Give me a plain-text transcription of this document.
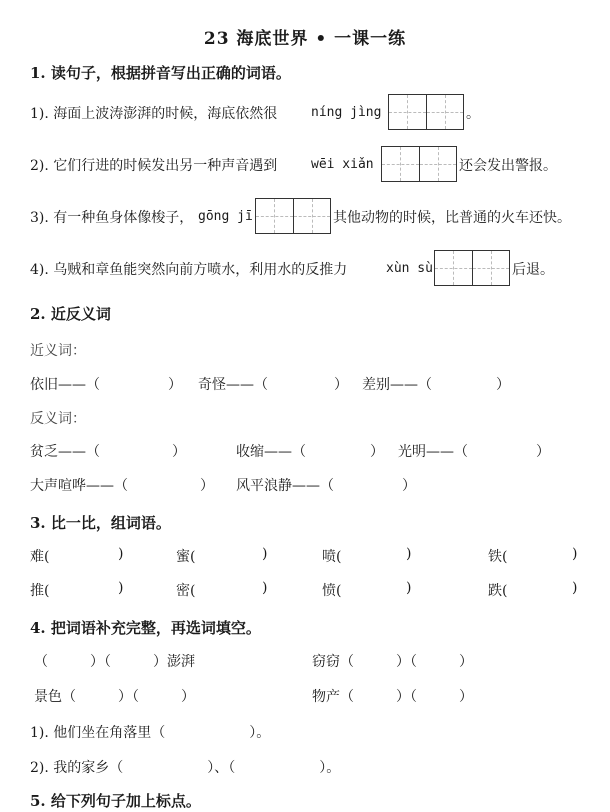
23 海底世界 • 一课一练
1. 读句子，根据拼音写出正确的词语。
1). 海面上波涛澎湃的时候，海底依然很	níng jìng	。
2). 它们行进的时候发出另一种声音遇到	wēi xiǎn	还会发出警报。
3). 有一种鱼身体像梭子， gōng jī	其他动物的时候，比普通的火车还快。
4). 乌贼和章鱼能突然向前方喷水，利用水的反推力	xùn sù	后退。
2. 近反义词
近义词：
依旧——（	） 奇怪——（	） 差别——（	）
反义词：
贫乏——（	）	收缩——（	） 光明——（	）
大声喧哗——（	） 风平浪静——（	）
3. 比一比，组词语。
难(	)	蜜(	)	喷(	)	铁(	)
推(	)	密(	)	愤(	)	跌(	)
4. 把词语补充完整，再选词填空。
（　　　）（　　　）澎湃	窃窃（　　　）（　　　）
景色（　　　）（　　　）	物产（　　　）（　　　）
1). 他们坐在角落里（　　　　　　）。
2). 我的家乡（　　　　　　）、（　　　　　　）。
5. 给下列句子加上标点。
